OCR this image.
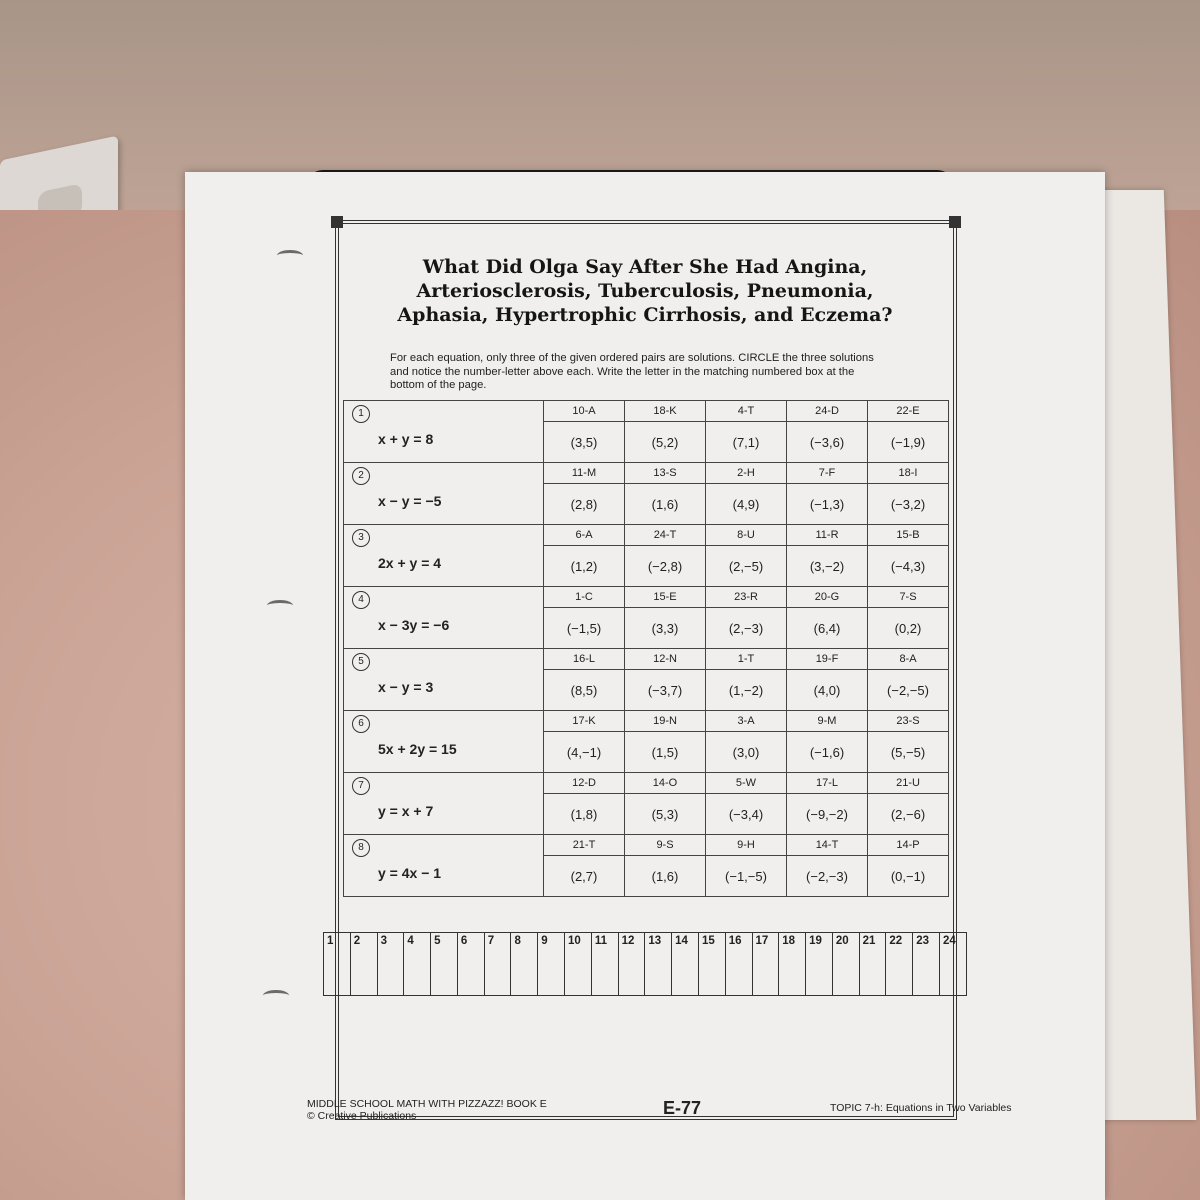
What Did Olga Say After She Had Angina,
Arteriosclerosis, Tuberculosis, Pneumonia,
Aphasia, Hypertrophic Cirrhosis, and Eczema?
For each equation, only three of the given ordered pairs are solutions. CIRCLE the three solutions and notice the number-letter above each. Write the letter in the matching numbered box at the bottom of the page.
1
x + y = 8	10-A	18-K	4-T	24-D	22-E
	(3,5)	(5,2)	(7,1)	(−3,6)	(−1,9)

2
x − y = −5	11-M	13-S	2-H	7-F	18-I
	(2,8)	(1,6)	(4,9)	(−1,3)	(−3,2)

3
2x + y = 4	6-A	24-T	8-U	11-R	15-B
	(1,2)	(−2,8)	(2,−5)	(3,−2)	(−4,3)

4
x − 3y = −6	1-C	15-E	23-R	20-G	7-S
	(−1,5)	(3,3)	(2,−3)	(6,4)	(0,2)

5
x − y = 3	16-L	12-N	1-T	19-F	8-A
	(8,5)	(−3,7)	(1,−2)	(4,0)	(−2,−5)

6
5x + 2y = 15	17-K	19-N	3-A	9-M	23-S
	(4,−1)	(1,5)	(3,0)	(−1,6)	(5,−5)

7
y = x + 7	12-D	14-O	5-W	17-L	21-U
	(1,8)	(5,3)	(−3,4)	(−9,−2)	(2,−6)

8
y = 4x − 1	21-T	9-S	9-H	14-T	14-P
	(2,7)	(1,6)	(−1,−5)	(−2,−3)	(0,−1)
1	2	3	4	5	6	7	8	9	10	11	12	13	14	15	16	17	18	19	20	21	22	23	24
MIDDLE SCHOOL MATH WITH PIZZAZZ! BOOK E
© Creative Publications	E-77	TOPIC 7-h: Equations in Two Variables
